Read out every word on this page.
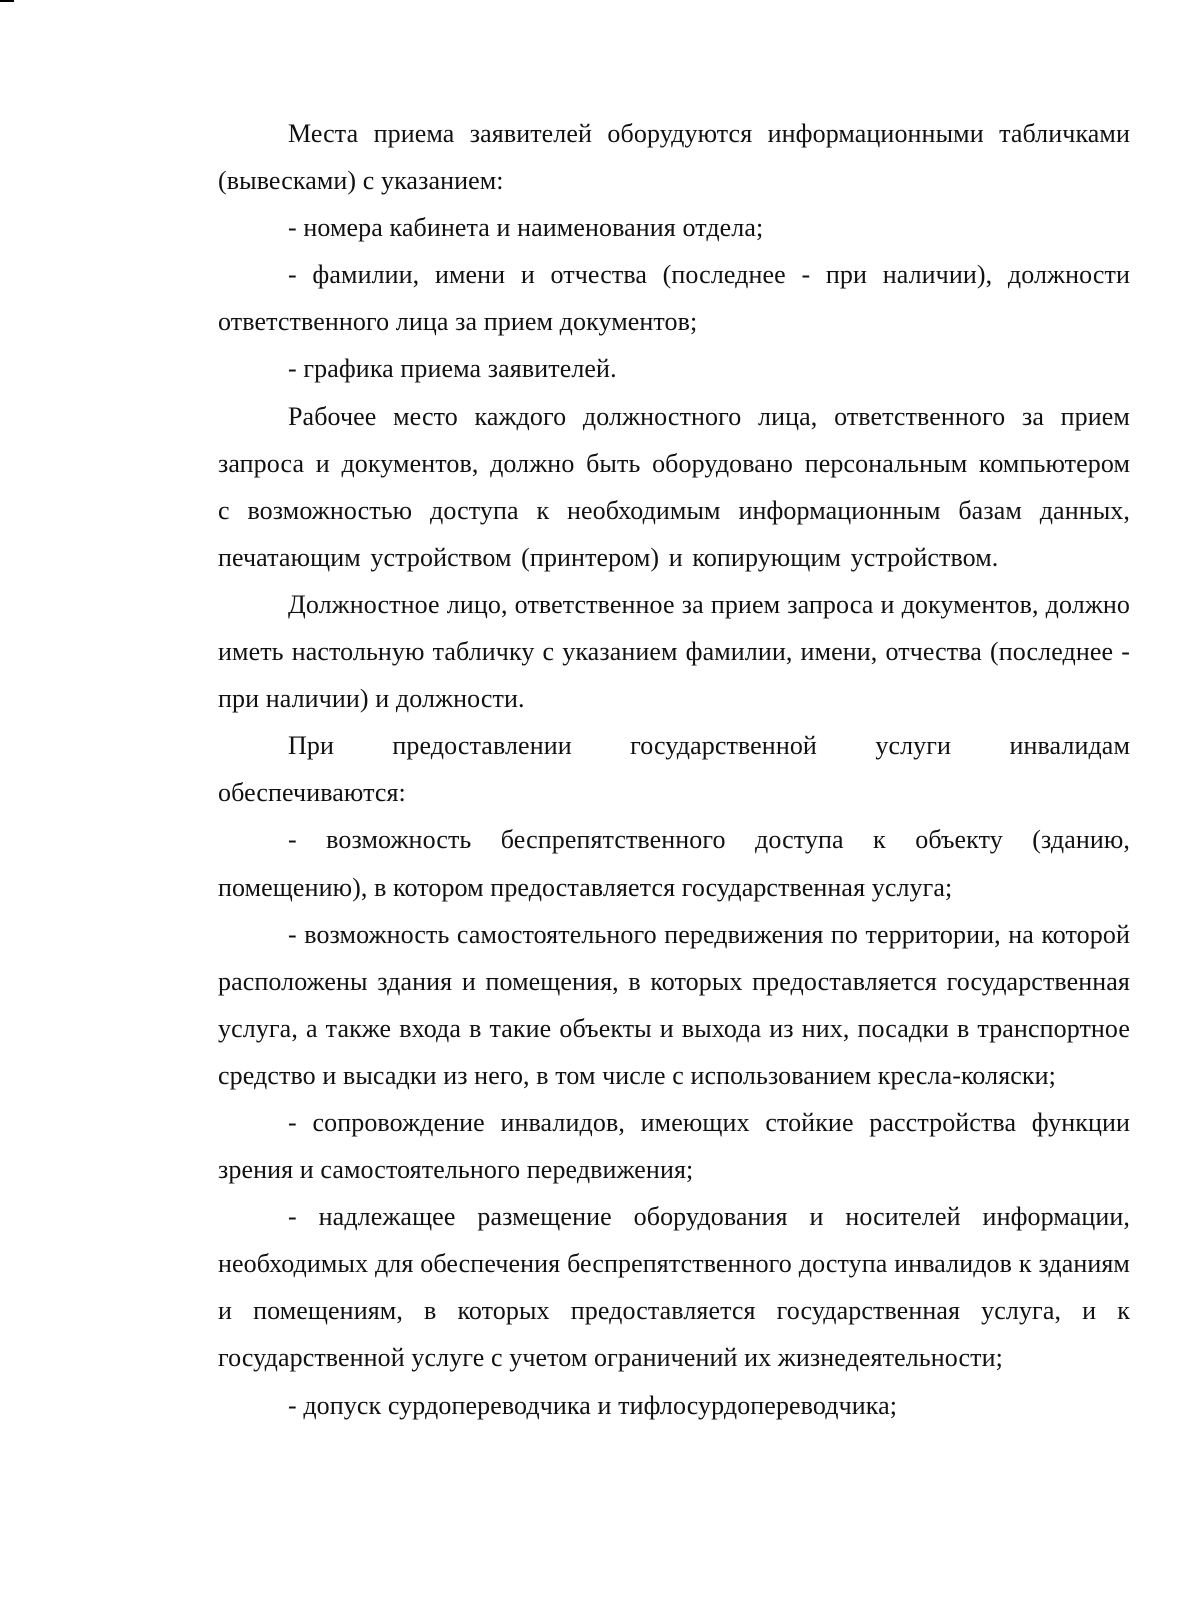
Места приема заявителей оборудуются информационными табличками (вывесками) с указанием:

- номера кабинета и наименования отдела;

- фамилии, имени и отчества (последнее - при наличии), должности ответственного лица за прием документов;

- графика приема заявителей.

Рабочее место каждого должностного лица, ответственного за прием запроса и документов, должно быть оборудовано персональным компьютером с возможностью доступа к необходимым информационным базам данных, печатающим устройством (принтером) и копирующим устройством.

Должностное лицо, ответственное за прием запроса и документов, должно иметь настольную табличку с указанием фамилии, имени, отчества (последнее - при наличии) и должности.

При предоставлении государственной услуги инвалидам обеспечиваются:

- возможность беспрепятственного доступа к объекту (зданию, помещению), в котором предоставляется государственная услуга;

- возможность самостоятельного передвижения по территории, на которой расположены здания и помещения, в которых предоставляется государственная услуга, а также входа в такие объекты и выхода из них, посадки в транспортное средство и высадки из него, в том числе с использованием кресла-коляски;

- сопровождение инвалидов, имеющих стойкие расстройства функции зрения и самостоятельного передвижения;

- надлежащее размещение оборудования и носителей информации, необходимых для обеспечения беспрепятственного доступа инвалидов к зданиям и помещениям, в которых предоставляется государственная услуга, и к государственной услуге с учетом ограничений их жизнедеятельности;

- допуск сурдопереводчика и тифлосурдопереводчика;
